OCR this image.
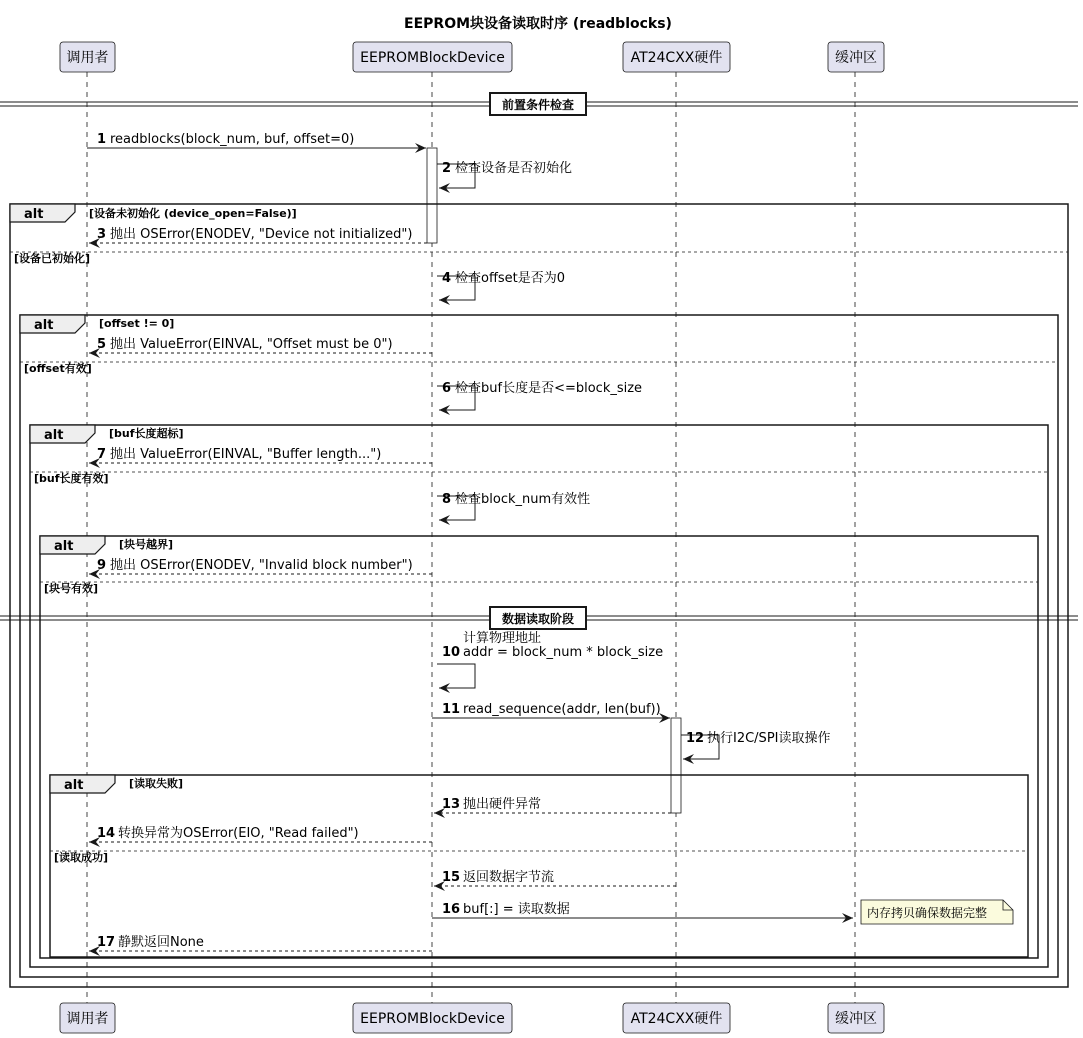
EEPROM块设备读取时序 (readblocks)
调用者	EEPROMBlockDevice	AT24CXX硬件	缓冲区
调用者	EEPROMBlockDevice	AT24CXX硬件	缓冲区
前置条件检查
数据读取阶段
alt	[设备未初始化 (device_open=False)]
[设备已初始化]
alt	[offset != 0]
[offset有效]
alt	[buf长度超标]
[buf长度有效]
alt	[块号越界]
[块号有效]
alt	[读取失败]
[读取成功]
1 readblocks(block_num, buf, offset=0)
2 检查设备是否初始化
3 抛出 OSError(ENODEV, "Device not initialized")
4 检查offset是否为0
5 抛出 ValueError(EINVAL, "Offset must be 0")
6 检查buf长度是否<=block_size
7 抛出 ValueError(EINVAL, "Buffer length...")
8 检查block_num有效性
9 抛出 OSError(ENODEV, "Invalid block number")
10
计算物理地址
addr = block_num * block_size
11 read_sequence(addr, len(buf))
12 执行I2C/SPI读取操作
13 抛出硬件异常
14 转换异常为OSError(EIO, "Read failed")
15 返回数据字节流
16 buf[:] = 读取数据
17 静默返回None
内存拷贝确保数据完整
